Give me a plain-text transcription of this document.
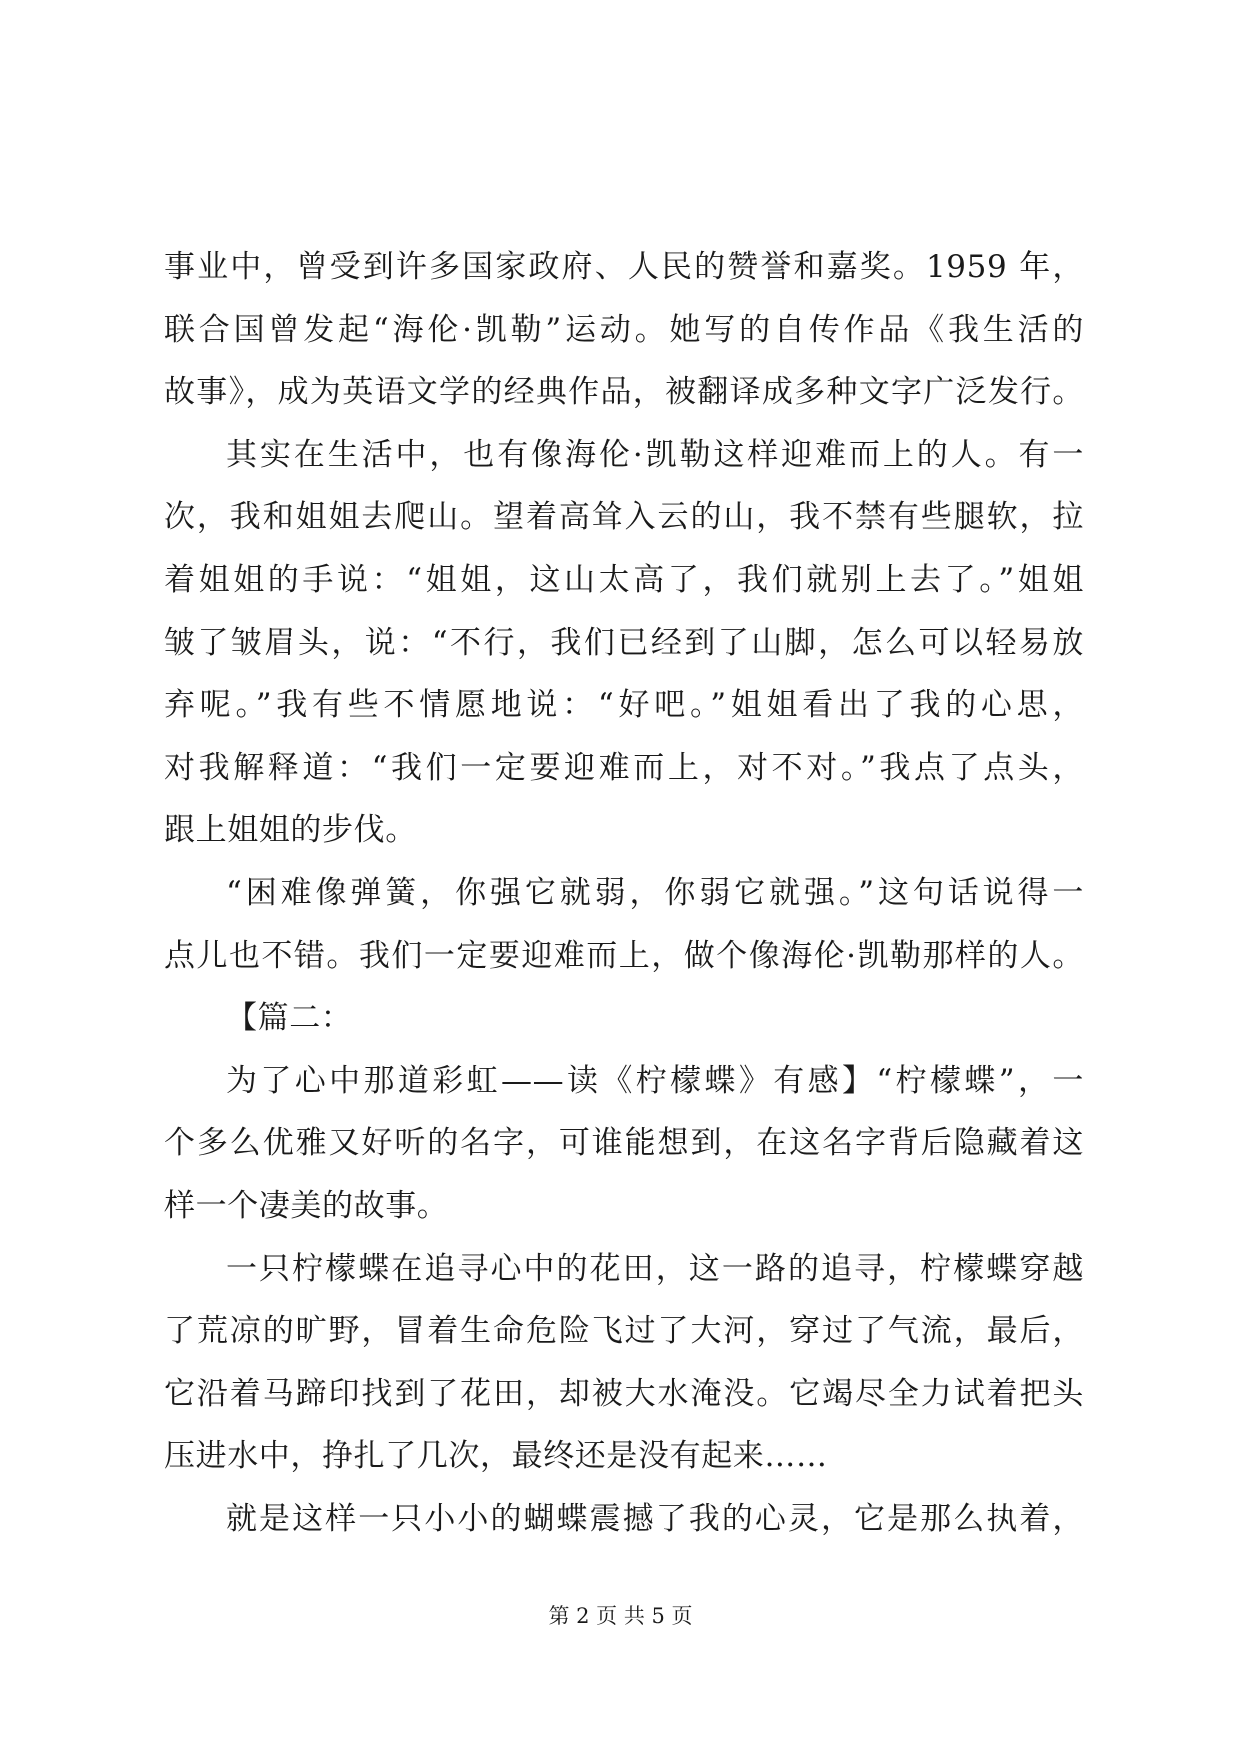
事业中，曾受到许多国家政府、人民的赞誉和嘉奖。1959 年，
联合国曾发起“海伦·凯勒”运动。她写的自传作品《我生活的
故事》，成为英语文学的经典作品，被翻译成多种文字广泛发行。
其实在生活中，也有像海伦·凯勒这样迎难而上的人。有一
次，我和姐姐去爬山。望着高耸入云的山，我不禁有些腿软，拉
着姐姐的手说：“姐姐，这山太高了，我们就别上去了。”姐姐
皱了皱眉头，说：“不行，我们已经到了山脚，怎么可以轻易放
弃呢。”我有些不情愿地说：“好吧。”姐姐看出了我的心思，
对我解释道：“我们一定要迎难而上，对不对。”我点了点头，
跟上姐姐的步伐。
“困难像弹簧，你强它就弱，你弱它就强。”这句话说得一
点儿也不错。我们一定要迎难而上，做个像海伦·凯勒那样的人。
【篇二：
为了心中那道彩虹——读《柠檬蝶》有感】“柠檬蝶”，一
个多么优雅又好听的名字，可谁能想到，在这名字背后隐藏着这
样一个凄美的故事。
一只柠檬蝶在追寻心中的花田，这一路的追寻，柠檬蝶穿越
了荒凉的旷野，冒着生命危险飞过了大河，穿过了气流，最后，
它沿着马蹄印找到了花田，却被大水淹没。它竭尽全力试着把头
压进水中，挣扎了几次，最终还是没有起来……
就是这样一只小小的蝴蝶震撼了我的心灵，它是那么执着，
第 2 页 共 5 页
